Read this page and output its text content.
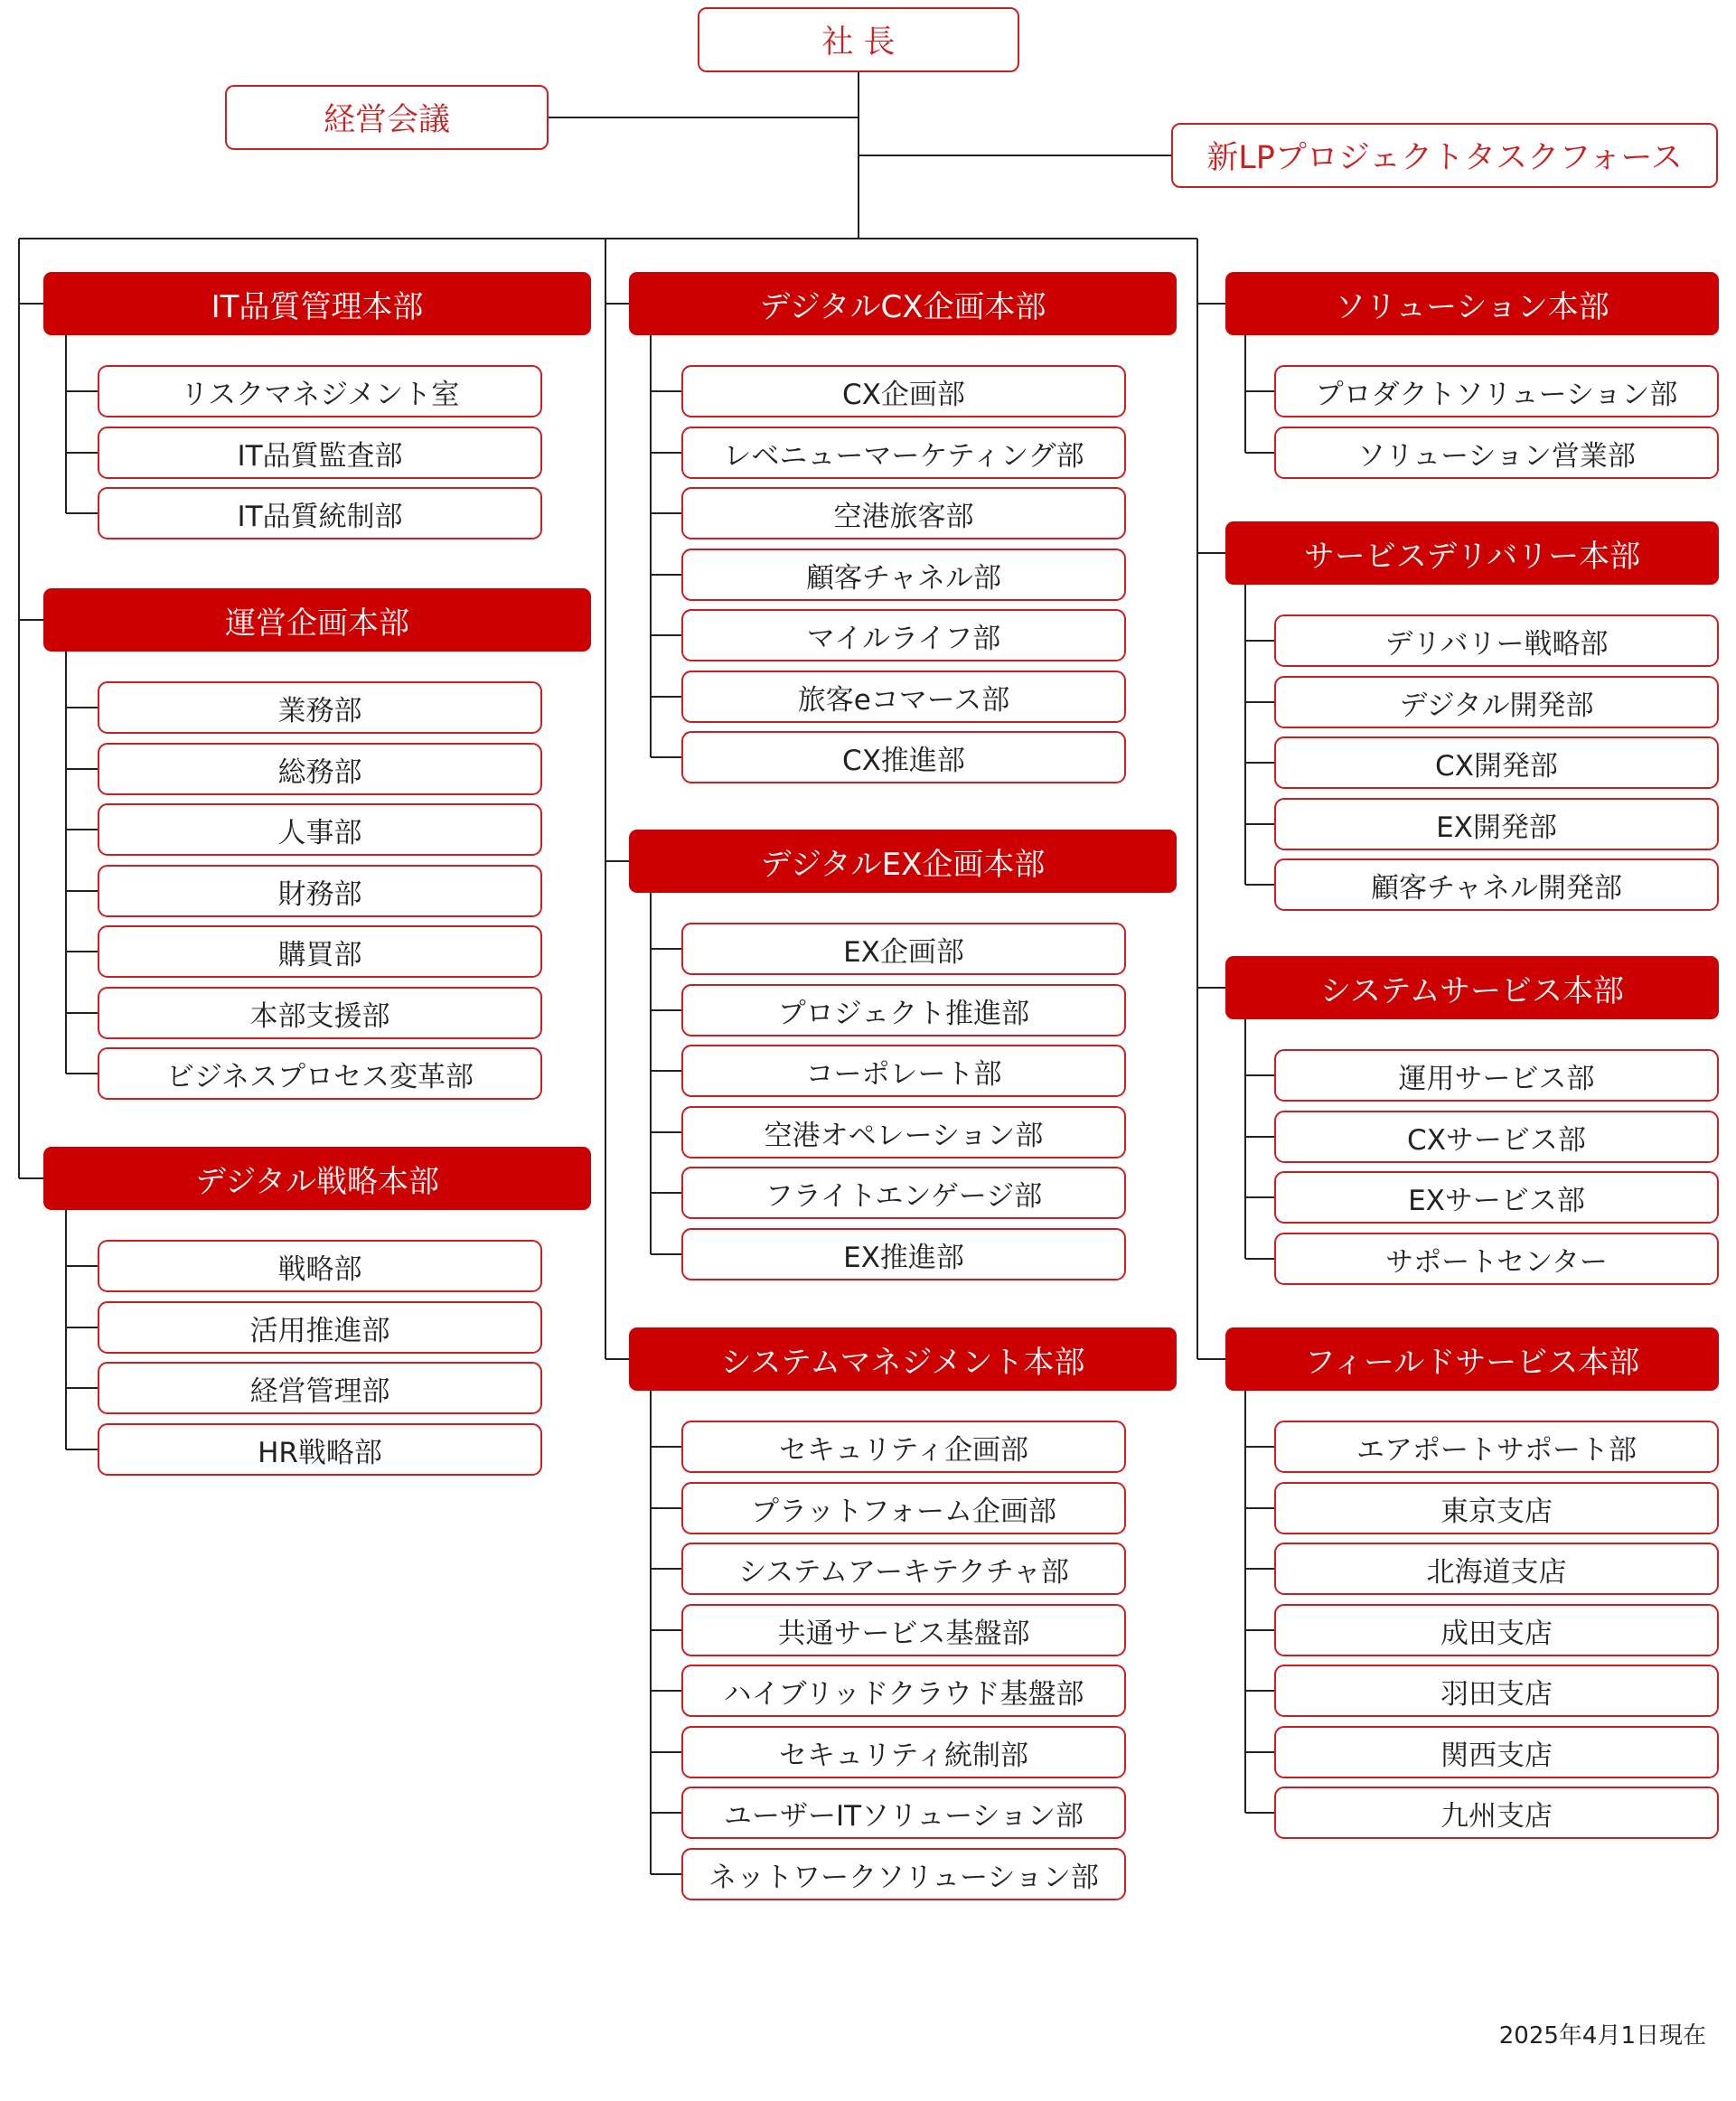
社 長
経営会議
新LPプロジェクトタスクフォース
IT品質管理本部
リスクマネジメント室
IT品質監査部
IT品質統制部
運営企画本部
業務部
総務部
人事部
財務部
購買部
本部支援部
ビジネスプロセス変革部
デジタル戦略本部
戦略部
活用推進部
経営管理部
HR戦略部
デジタルCX企画本部
CX企画部
レベニューマーケティング部
空港旅客部
顧客チャネル部
マイルライフ部
旅客eコマース部
CX推進部
デジタルEX企画本部
EX企画部
プロジェクト推進部
コーポレート部
空港オペレーション部
フライトエンゲージ部
EX推進部
システムマネジメント本部
セキュリティ企画部
プラットフォーム企画部
システムアーキテクチャ部
共通サービス基盤部
ハイブリッドクラウド基盤部
セキュリティ統制部
ユーザーITソリューション部
ネットワークソリューション部
ソリューション本部
プロダクトソリューション部
ソリューション営業部
サービスデリバリー本部
デリバリー戦略部
デジタル開発部
CX開発部
EX開発部
顧客チャネル開発部
システムサービス本部
運用サービス部
CXサービス部
EXサービス部
サポートセンター
フィールドサービス本部
エアポートサポート部
東京支店
北海道支店
成田支店
羽田支店
関西支店
九州支店
2025年4月1日現在
